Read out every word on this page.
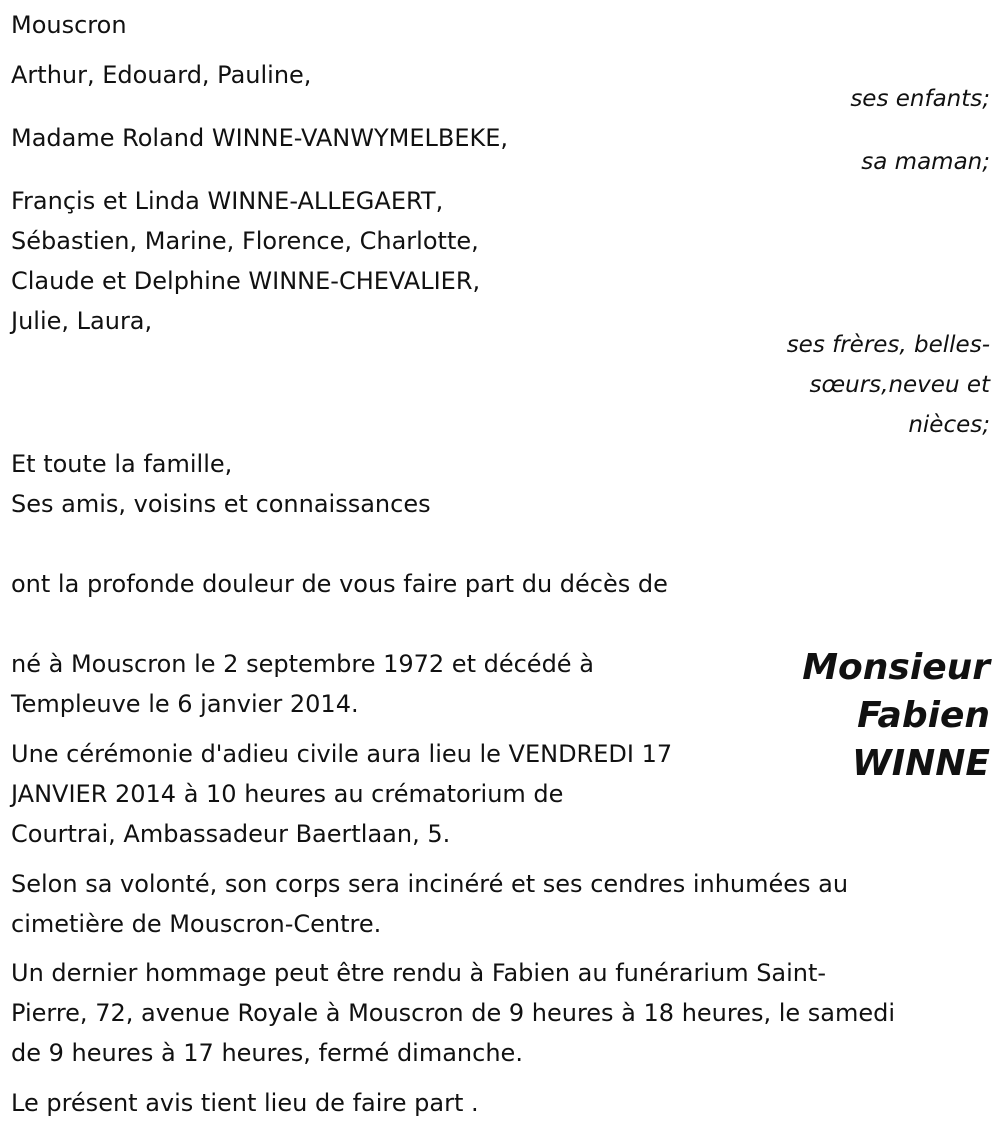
Mouscron
Arthur, Edouard, Pauline,
ses enfants;
Madame Roland WINNE-VANWYMELBEKE,
sa maman;
Françis et Linda WINNE-ALLEGAERT,
Sébastien, Marine, Florence, Charlotte,
Claude et Delphine WINNE-CHEVALIER,
Julie, Laura,
ses frères, belles-
sœurs,neveu et
nièces;
Et toute la famille,
Ses amis, voisins et connaissances
ont la profonde douleur de vous faire part du décès de
Monsieur
Fabien
WINNE
né à Mouscron le 2 septembre 1972 et décédé à
Templeuve le 6 janvier 2014.
Une cérémonie d'adieu civile aura lieu le VENDREDI 17
JANVIER 2014 à 10 heures au crématorium de
Courtrai, Ambassadeur Baertlaan, 5.
Selon sa volonté, son corps sera incinéré et ses cendres inhumées au
cimetière de Mouscron-Centre.
Un dernier hommage peut être rendu à Fabien au funérarium Saint-
Pierre, 72, avenue Royale à Mouscron de 9 heures à 18 heures, le samedi
de 9 heures à 17 heures, fermé dimanche.
Le présent avis tient lieu de faire part .
